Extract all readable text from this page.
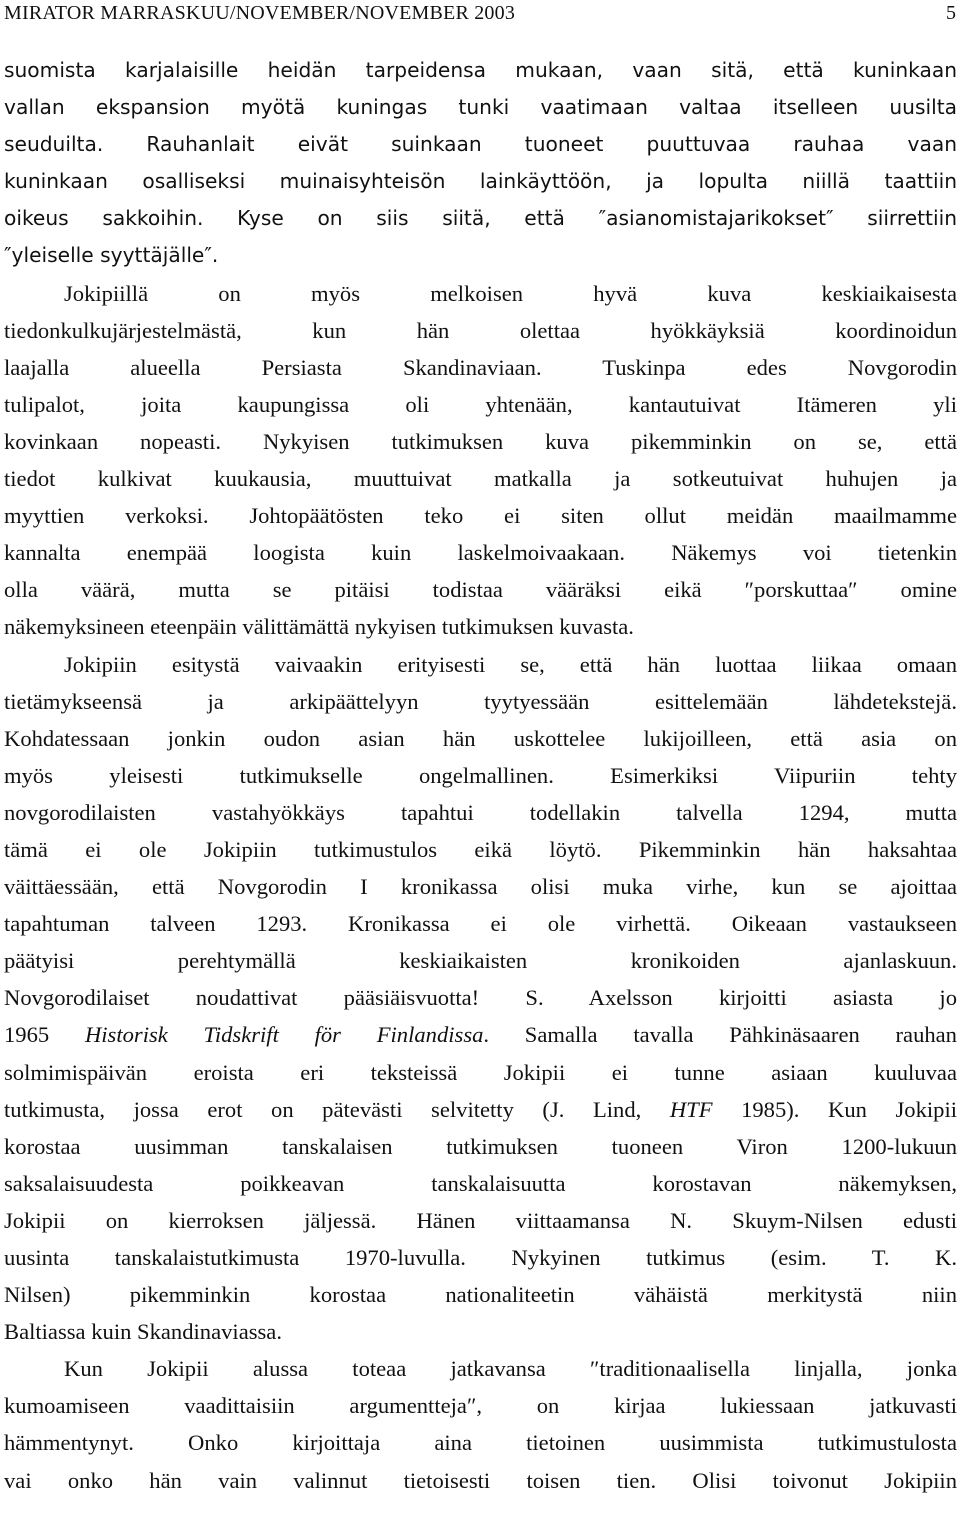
MIRATOR MARRASKUU/NOVEMBER/NOVEMBER 2003	5
suomista karjalaisille heidän tarpeidensa mukaan, vaan sitä, että kuninkaan
vallan ekspansion myötä kuningas tunki vaatimaan valtaa itselleen uusilta
seuduilta. Rauhanlait eivät suinkaan tuoneet puuttuvaa rauhaa vaan
kuninkaan osalliseksi muinaisyhteisön lainkäyttöön, ja lopulta niillä taattiin
oikeus sakkoihin. Kyse on siis siitä, että ″asianomistajarikokset″ siirrettiin
″yleiselle syyttäjälle″.
Jokipiillä on myös melkoisen hyvä kuva keskiaikaisesta
tiedonkulkujärjestelmästä, kun hän olettaa hyökkäyksiä koordinoidun
laajalla alueella Persiasta Skandinaviaan. Tuskinpa edes Novgorodin
tulipalot, joita kaupungissa oli yhtenään, kantautuivat Itämeren yli
kovinkaan nopeasti. Nykyisen tutkimuksen kuva pikemminkin on se, että
tiedot kulkivat kuukausia, muuttuivat matkalla ja sotkeutuivat huhujen ja
myyttien verkoksi. Johtopäätösten teko ei siten ollut meidän maailmamme
kannalta enempää loogista kuin laskelmoivaakaan. Näkemys voi tietenkin
olla väärä, mutta se pitäisi todistaa vääräksi eikä ″porskuttaa″ omine
näkemyksineen eteenpäin välittämättä nykyisen tutkimuksen kuvasta.
Jokipiin esitystä vaivaakin erityisesti se, että hän luottaa liikaa omaan
tietämykseensä ja arkipäättelyyn tyytyessään esittelemään lähdetekstejä.
Kohdatessaan jonkin oudon asian hän uskottelee lukijoilleen, että asia on
myös yleisesti tutkimukselle ongelmallinen. Esimerkiksi Viipuriin tehty
novgorodilaisten vastahyökkäys tapahtui todellakin talvella 1294, mutta
tämä ei ole Jokipiin tutkimustulos eikä löytö. Pikemminkin hän haksahtaa
väittäessään, että Novgorodin I kronikassa olisi muka virhe, kun se ajoittaa
tapahtuman talveen 1293. Kronikassa ei ole virhettä. Oikeaan vastaukseen
päätyisi perehtymällä keskiaikaisten kronikoiden ajanlaskuun.
Novgorodilaiset noudattivat pääsiäisvuotta! S. Axelsson kirjoitti asiasta jo
1965 Historisk Tidskrift för Finlandissa. Samalla tavalla Pähkinäsaaren rauhan
solmimispäivän eroista eri teksteissä Jokipii ei tunne asiaan kuuluvaa
tutkimusta, jossa erot on pätevästi selvitetty (J. Lind, HTF 1985). Kun Jokipii
korostaa uusimman tanskalaisen tutkimuksen tuoneen Viron 1200-lukuun
saksalaisuudesta poikkeavan tanskalaisuutta korostavan näkemyksen,
Jokipii on kierroksen jäljessä. Hänen viittaamansa N. Skuym-Nilsen edusti
uusinta tanskalaistutkimusta 1970-luvulla. Nykyinen tutkimus (esim. T. K.
Nilsen) pikemminkin korostaa nationaliteetin vähäistä merkitystä niin
Baltiassa kuin Skandinaviassa.
Kun Jokipii alussa toteaa jatkavansa ″traditionaalisella linjalla, jonka
kumoamiseen vaadittaisiin argumentteja″, on kirjaa lukiessaan jatkuvasti
hämmentynyt. Onko kirjoittaja aina tietoinen uusimmista tutkimustulosta
vai onko hän vain valinnut tietoisesti toisen tien. Olisi toivonut Jokipiin
